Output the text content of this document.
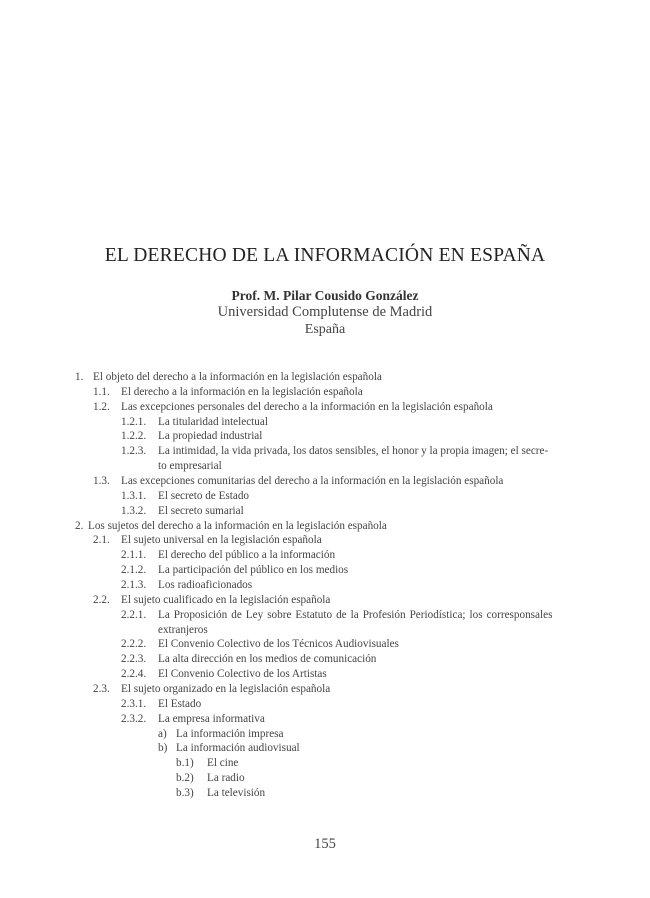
EL DERECHO DE LA INFORMACIÓN EN ESPAÑA
Prof. M. Pilar Cousido González
Universidad Complutense de Madrid
España
1. El objeto del derecho a la información en la legislación española
1.1. El derecho a la información en la legislación española
1.2. Las excepciones personales del derecho a la información en la legislación española
1.2.1. La titularidad intelectual
1.2.2. La propiedad industrial
1.2.3. La intimidad, la vida privada, los datos sensibles, el honor y la propia imagen; el secre-
to empresarial
1.3. Las excepciones comunitarias del derecho a la información en la legislación española
1.3.1. El secreto de Estado
1.3.2. El secreto sumarial
2. Los sujetos del derecho a la información en la legislación española
2.1. El sujeto universal en la legislación española
2.1.1. El derecho del público a la información
2.1.2. La participación del público en los medios
2.1.3. Los radioaficionados
2.2. El sujeto cualificado en la legislación española
2.2.1. La Proposición de Ley sobre Estatuto de la Profesión Periodística; los corresponsales
extranjeros
2.2.2. El Convenio Colectivo de los Técnicos Audiovisuales
2.2.3. La alta dirección en los medios de comunicación
2.2.4. El Convenio Colectivo de los Artistas
2.3. El sujeto organizado en la legislación española
2.3.1. El Estado
2.3.2. La empresa informativa
a) La información impresa
b) La información audiovisual
b.1) El cine
b.2) La radio
b.3) La televisión
155
